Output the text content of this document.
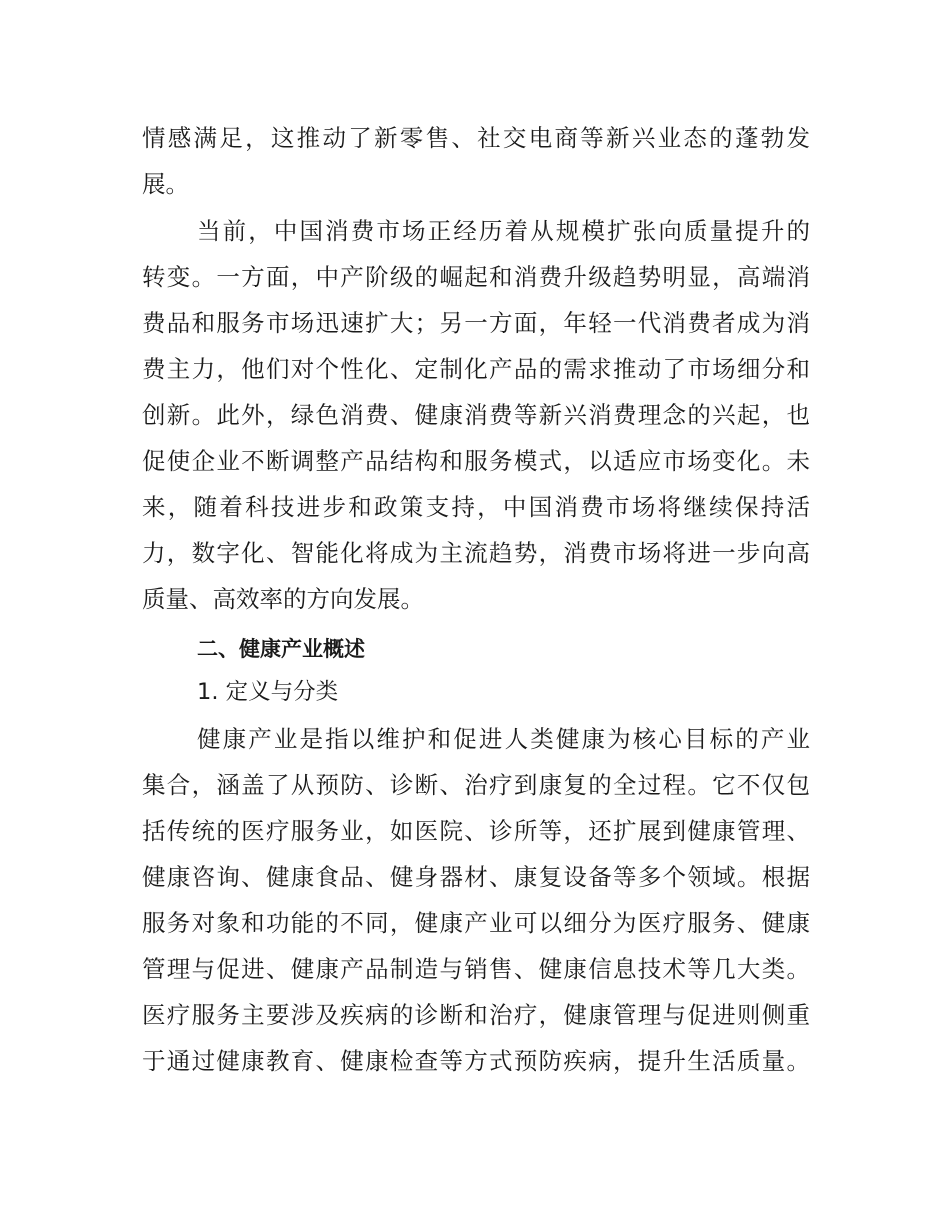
情感满足，这推动了新零售、社交电商等新兴业态的蓬勃发
展。
当前，中国消费市场正经历着从规模扩张向质量提升的
转变。一方面，中产阶级的崛起和消费升级趋势明显，高端消
费品和服务市场迅速扩大；另一方面，年轻一代消费者成为消
费主力，他们对个性化、定制化产品的需求推动了市场细分和
创新。此外，绿色消费、健康消费等新兴消费理念的兴起，也
促使企业不断调整产品结构和服务模式，以适应市场变化。未
来，随着科技进步和政策支持，中国消费市场将继续保持活
力，数字化、智能化将成为主流趋势，消费市场将进一步向高
质量、高效率的方向发展。
二、健康产业概述
1. 定义与分类
健康产业是指以维护和促进人类健康为核心目标的产业
集合，涵盖了从预防、诊断、治疗到康复的全过程。它不仅包
括传统的医疗服务业，如医院、诊所等，还扩展到健康管理、
健康咨询、健康食品、健身器材、康复设备等多个领域。根据
服务对象和功能的不同，健康产业可以细分为医疗服务、健康
管理与促进、健康产品制造与销售、健康信息技术等几大类。
医疗服务主要涉及疾病的诊断和治疗，健康管理与促进则侧重
于通过健康教育、健康检查等方式预防疾病，提升生活质量。
